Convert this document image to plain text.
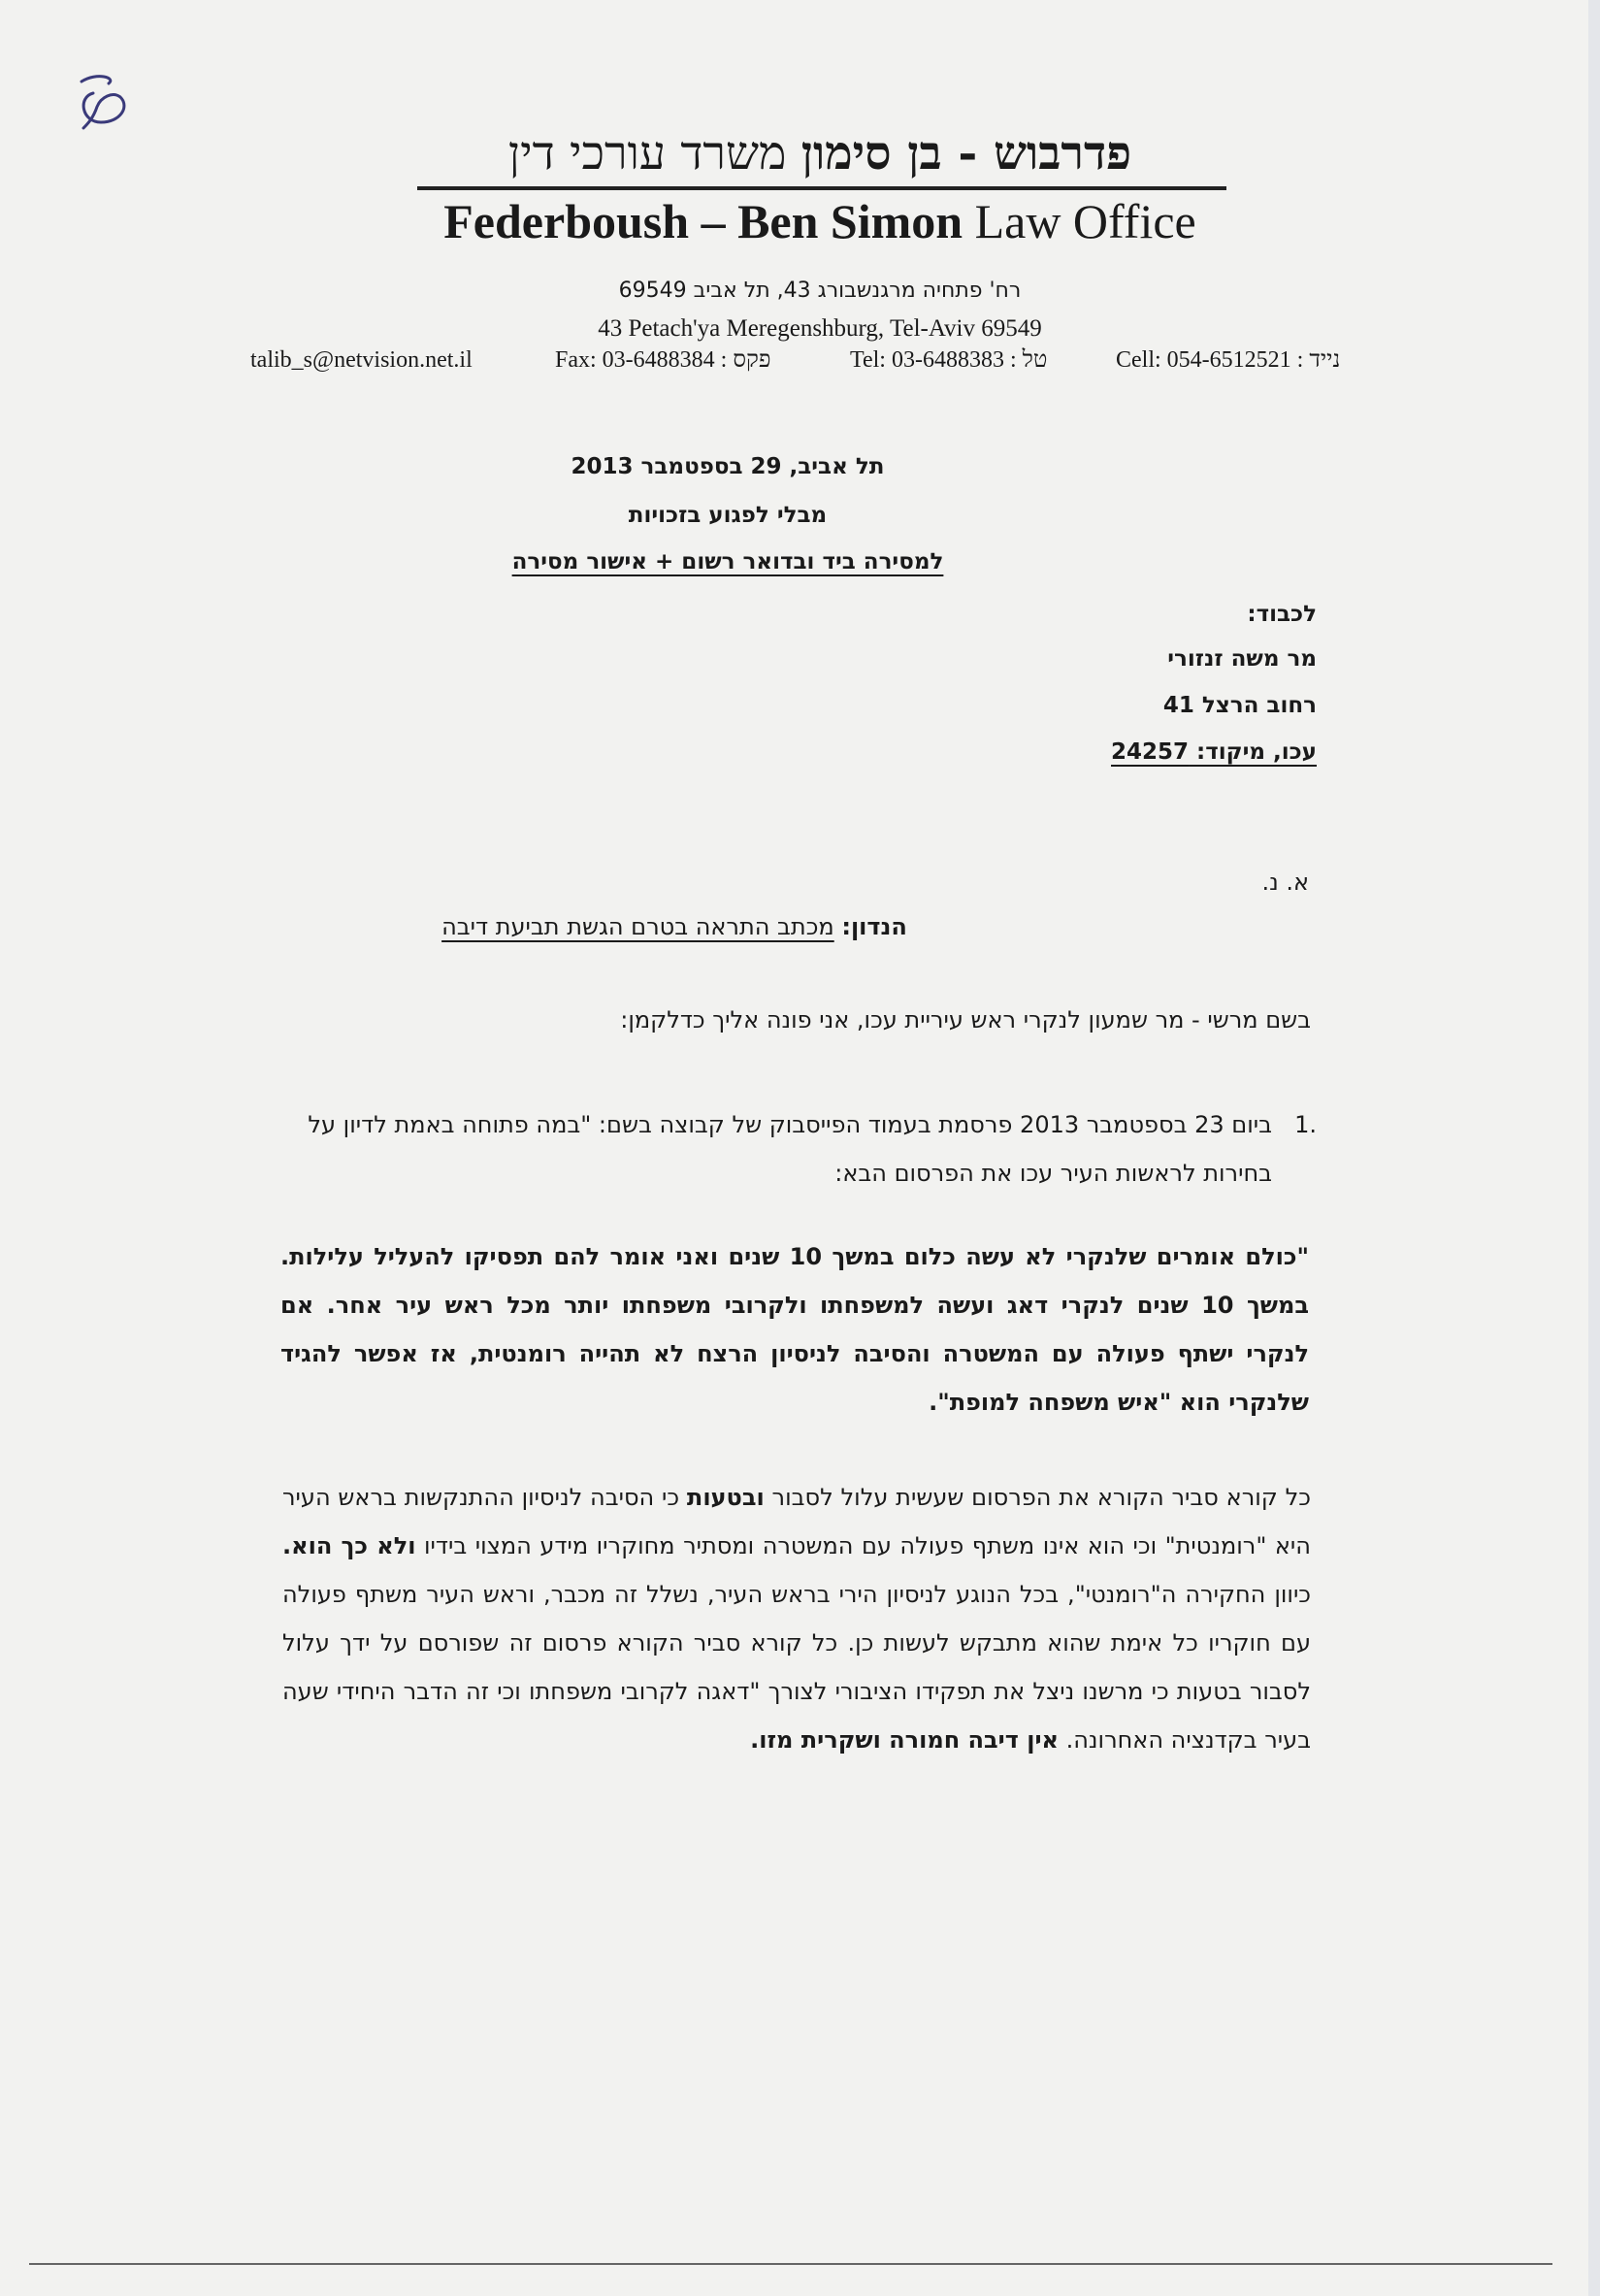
פדרבוש - בן סימון משרד עורכי דין
Federboush – Ben Simon Law Office
רח' פתחיה מרגנשבורג 43, תל אביב 69549
43 Petach'ya Meregenshburg, Tel-Aviv 69549
talib_s@netvision.net.il	Fax: 03-6488384 : פקס	Tel: 03-6488383 : טל	Cell: 054-6512521 : נייד
תל אביב, 29 בספטמבר 2013
מבלי לפגוע בזכויות
למסירה ביד ובדואר רשום + אישור מסירה
לכבוד:
מר משה זנזורי
רחוב הרצל 41
עכו, מיקוד: 24257
א. נ.
הנדון: מכתב התראה בטרם הגשת תביעת דיבה
בשם מרשי - מר שמעון לנקרי ראש עיריית עכו, אני פונה אליך כדלקמן:
.1
ביום 23 בספטמבר 2013 פרסמת בעמוד הפייסבוק של קבוצה בשם: "במה פתוחה באמת לדיון על בחירות לראשות העיר עכו את הפרסום הבא:
"כולם אומרים שלנקרי לא עשה כלום במשך 10 שנים ואני אומר להם תפסיקו להעליל עלילות. במשך 10 שנים לנקרי דאג ועשה למשפחתו ולקרובי משפחתו יותר מכל ראש עיר אחר. אם לנקרי ישתף פעולה עם המשטרה והסיבה לניסיון הרצח לא תהייה רומנטית, אז אפשר להגיד שלנקרי הוא "איש משפחה למופת".
כל קורא סביר הקורא את הפרסום שעשית עלול לסבור ובטעות כי הסיבה לניסיון ההתנקשות בראש העיר היא "רומנטית" וכי הוא אינו משתף פעולה עם המשטרה ומסתיר מחוקריו מידע המצוי בידיו ולא כך הוא. כיוון החקירה ה"רומנטי", בכל הנוגע לניסיון הירי בראש העיר, נשלל זה מכבר, וראש העיר משתף פעולה עם חוקריו כל אימת שהוא מתבקש לעשות כן. כל קורא סביר הקורא פרסום זה שפורסם על ידך עלול לסבור בטעות כי מרשנו ניצל את תפקידו הציבורי לצורך "דאגה לקרובי משפחתו וכי זה הדבר היחידי שעה בעיר בקדנציה האחרונה. אין דיבה חמורה ושקרית מזו.
